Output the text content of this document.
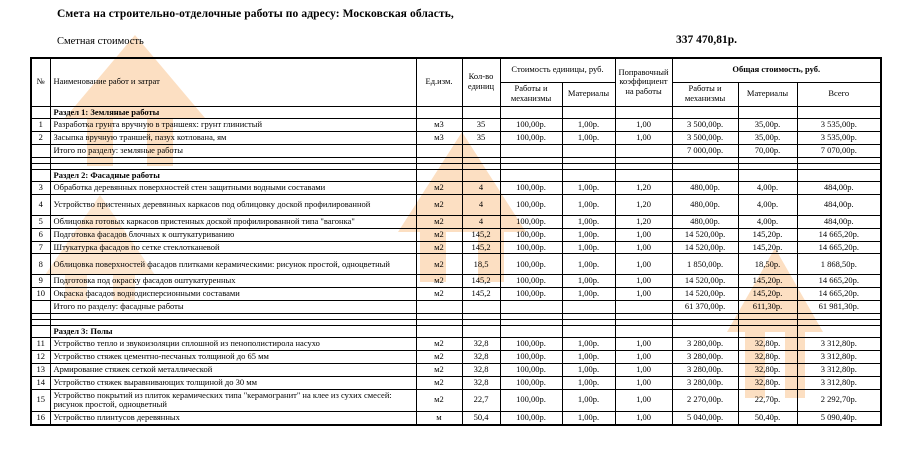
Смета на строительно-отделочные работы по адресу: Московская область,
Сметная стоимость	337 470,81р.
№	Наименование работ и затрат	Ед.изм.	Кол-во единиц	Стоимость единицы, руб.		Поправочный коэффициент на работы	Общая стоимость, руб.		
				Работы и механизмы	Материалы		Работы и механизмы	Материалы	Всего
	Раздел 1: Земляные работы								
1	Разработка грунта вручную в траншеях: грунт глинистый	м3	35	100,00р.	1,00р.	1,00	3 500,00р.	35,00р.	3 535,00р.
2	Засыпка вручную траншей, пазух котлована, ям	м3	35	100,00р.	1,00р.	1,00	3 500,00р.	35,00р.	3 535,00р.
	Итого по разделу: земляные работы						7 000,00р.	70,00р.	7 070,00р.

	Раздел 2: Фасадные работы								
3	Обработка деревянных поверхностей стен защитными водными составами	м2	4	100,00р.	1,00р.	1,20	480,00р.	4,00р.	484,00р.
4	Устройство пристенных деревянных каркасов под облицовку доской профилированной	м2	4	100,00р.	1,00р.	1,20	480,00р.	4,00р.	484,00р.
5	Облицовка готовых каркасов пристенных доской профилированной типа "вагонка"	м2	4	100,00р.	1,00р.	1,20	480,00р.	4,00р.	484,00р.
6	Подготовка фасадов блочных к оштукатуриванию	м2	145,2	100,00р.	1,00р.	1,00	14 520,00р.	145,20р.	14 665,20р.
7	Штукатурка фасадов по сетке стеклотканевой	м2	145,2	100,00р.	1,00р.	1,00	14 520,00р.	145,20р.	14 665,20р.
8	Облицовка поверхностей фасадов плитками керамическими: рисунок простой, одноцветный	м2	18,5	100,00р.	1,00р.	1,00	1 850,00р.	18,50р.	1 868,50р.
9	Подготовка под окраску фасадов оштукатуренных	м2	145,2	100,00р.	1,00р.	1,00	14 520,00р.	145,20р.	14 665,20р.
10	Окраска фасадов воднодисперсионными составами	м2	145,2	100,00р.	1,00р.	1,00	14 520,00р.	145,20р.	14 665,20р.
	Итого по разделу: фасадные работы						61 370,00р.	611,30р.	61 981,30р.

	Раздел 3: Полы								
11	Устройство тепло и звукоизоляции сплошной из пенополистирола насухо	м2	32,8	100,00р.	1,00р.	1,00	3 280,00р.	32,80р.	3 312,80р.
12	Устройство стяжек цементно-песчаных толщиной до 65 мм	м2	32,8	100,00р.	1,00р.	1,00	3 280,00р.	32,80р.	3 312,80р.
13	Армирование стяжек сеткой металлической	м2	32,8	100,00р.	1,00р.	1,00	3 280,00р.	32,80р.	3 312,80р.
14	Устройство стяжек выравнивающих толщиной до 30 мм	м2	32,8	100,00р.	1,00р.	1,00	3 280,00р.	32,80р.	3 312,80р.
15	Устройство покрытий из плиток керамических типа "керамогранит" на клее из сухих смесей: рисунок простой, одноцветный	м2	22,7	100,00р.	1,00р.	1,00	2 270,00р.	22,70р.	2 292,70р.
16	Устройство плинтусов деревянных	м	50,4	100,00р.	1,00р.	1,00	5 040,00р.	50,40р.	5 090,40р.
